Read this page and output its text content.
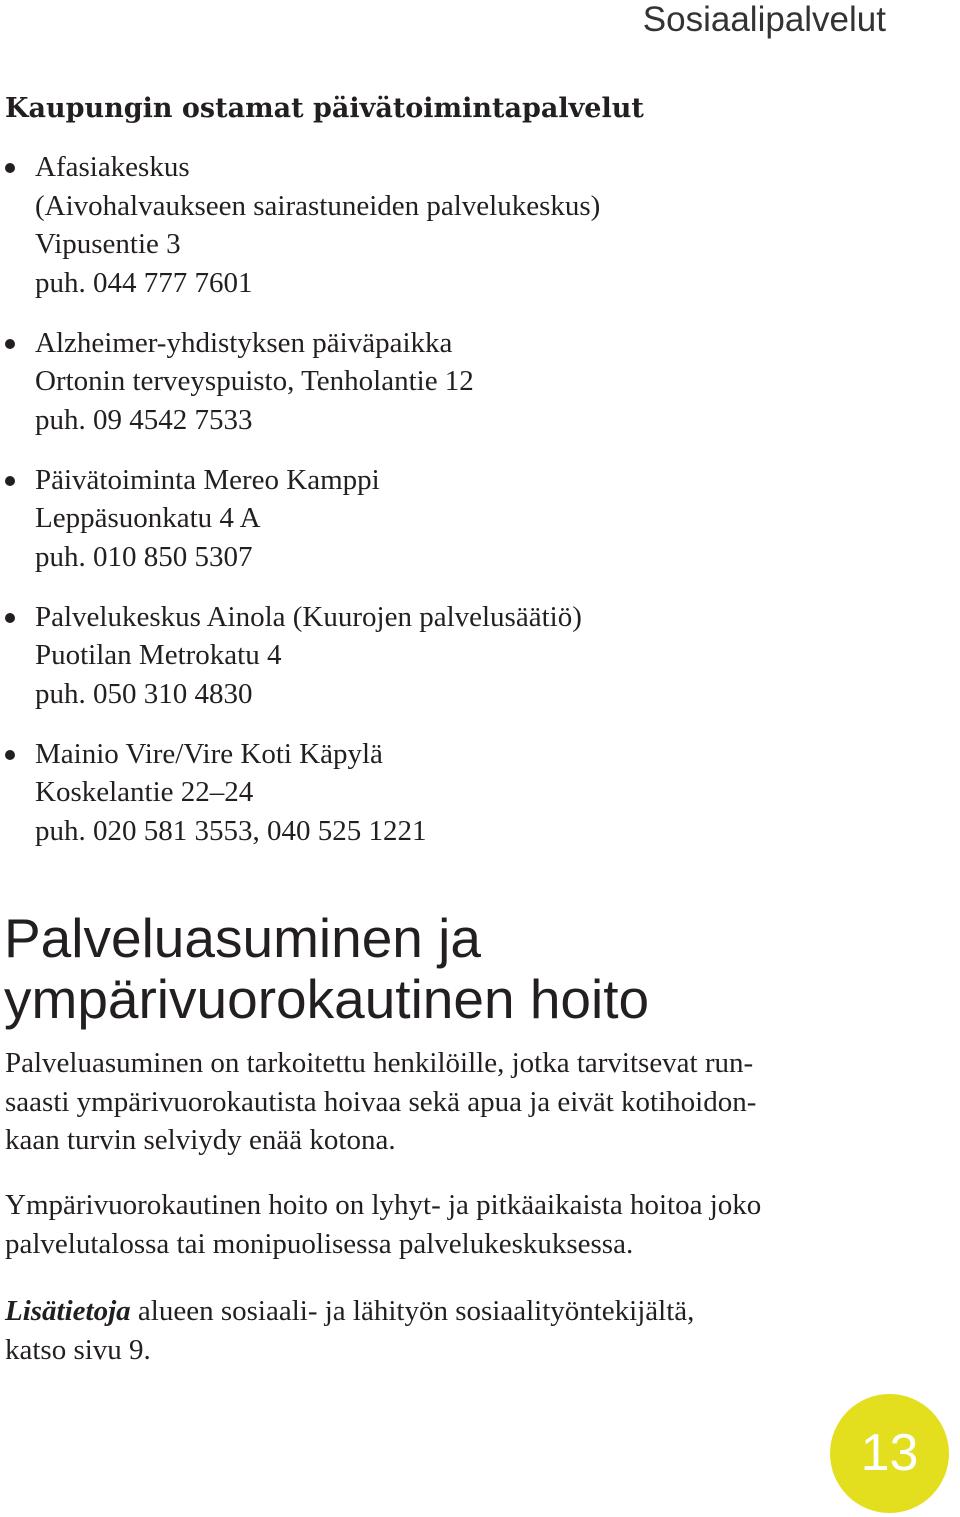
Sosiaalipalvelut
Kaupungin ostamat päivätoimintapalvelut
Afasiakeskus
(Aivohalvaukseen sairastuneiden palvelukeskus)
Vipusentie 3
puh. 044 777 7601
Alzheimer-yhdistyksen päiväpaikka
Ortonin terveyspuisto, Tenholantie 12
puh. 09 4542 7533
Päivätoiminta Mereo Kamppi
Leppäsuonkatu 4 A
puh. 010 850 5307
Palvelukeskus Ainola (Kuurojen palvelusäätiö)
Puotilan Metrokatu 4
puh. 050 310 4830
Mainio Vire/Vire Koti Käpylä
Koskelantie 22–24
puh. 020 581 3553, 040 525 1221
Palveluasuminen ja
ympärivuorokautinen hoito

Palveluasuminen on tarkoitettu henkilöille, jotka tarvitsevat run-
saasti ympärivuorokautista hoivaa sekä apua ja eivät kotihoidon-
kaan turvin selviydy enää kotona.

Ympärivuorokautinen hoito on lyhyt- ja pitkäaikaista hoitoa joko
palvelutalossa tai monipuolisessa palvelukeskuksessa.

Lisätietoja alueen sosiaali- ja lähityön sosiaalityöntekijältä,
katso sivu 9.

13
